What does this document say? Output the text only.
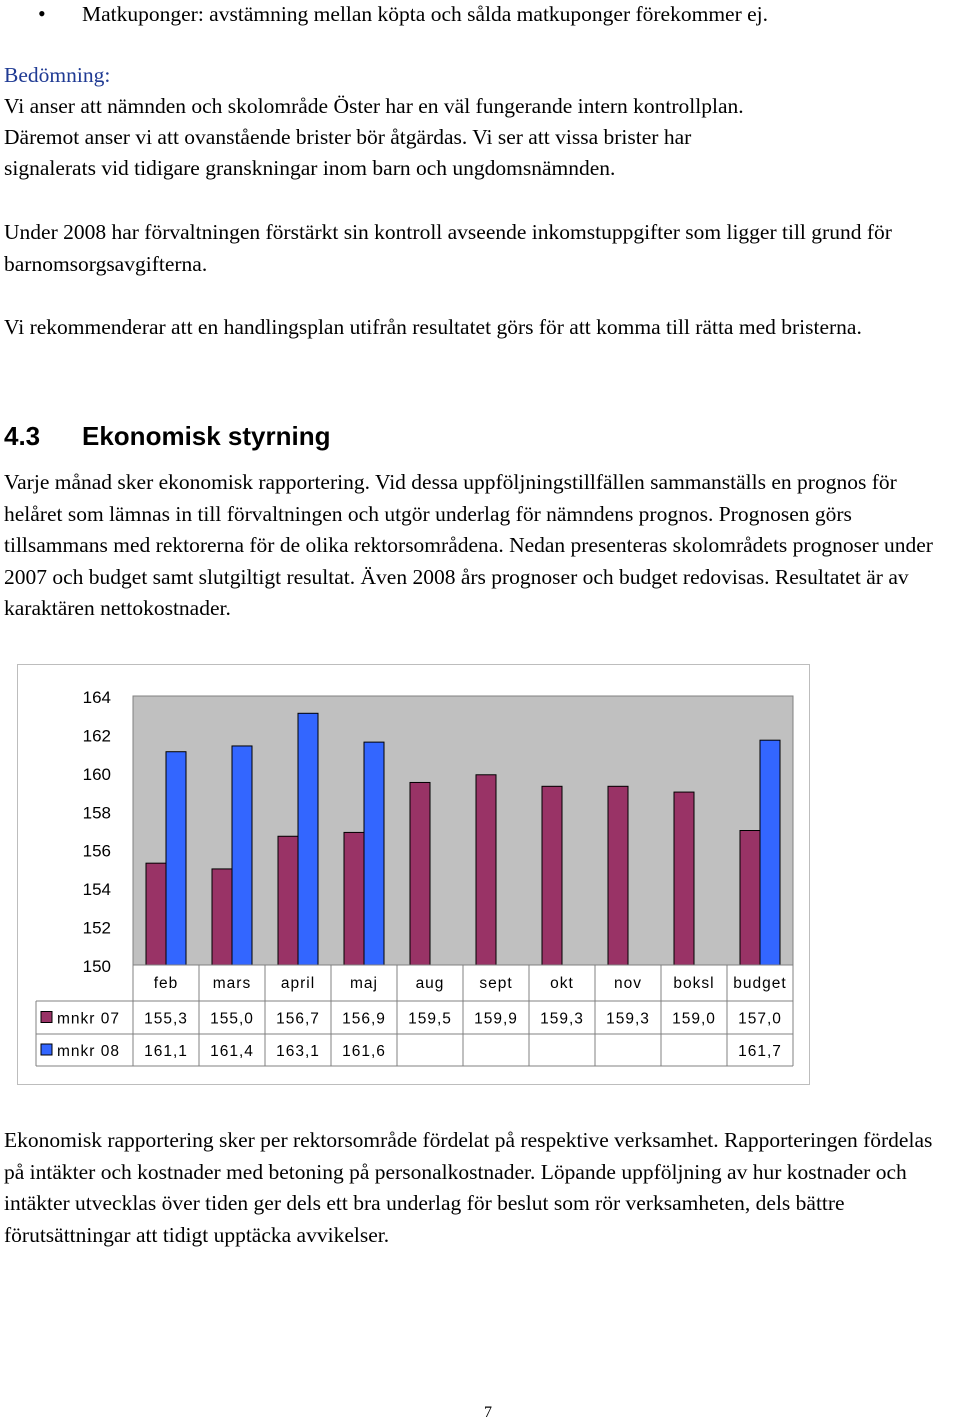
• Matkuponger: avstämning mellan köpta och sålda matkuponger förekommer ej.

Bedömning:

Vi anser att nämnden och skolområde Öster har en väl fungerande intern kontrollplan.

Däremot anser vi att ovanstående brister bör åtgärdas. Vi ser att vissa brister har

signalerats vid tidigare granskningar inom barn och ungdomsnämnden.

Under 2008 har förvaltningen förstärkt sin kontroll avseende inkomstuppgifter som ligger till grund för barnomsorgsavgifterna.

Vi rekommenderar att en handlingsplan utifrån resultatet görs för att komma till rätta med bristerna.

4.3 Ekonomisk styrning

Varje månad sker ekonomisk rapportering. Vid dessa uppföljningstillfällen sammanställs en prognos för helåret som lämnas in till förvaltningen och utgör underlag för nämndens prognos. Prognosen görs tillsammans med rektorerna för de olika rektorsområdena. Nedan presenteras skolområdets prognoser under 2007 och budget samt slutgiltigt resultat. Även 2008 års prognoser och budget redovisas. Resultatet är av karaktären nettokostnader.

150
152
154
156
158
160
162
164
feb mars april maj aug sept okt	nov boksl budget
mnkr 07 155,3 155,0 156,7 156,9 159,5 159,9 159,3 159,3 159,0 157,0
mnkr 08 161,1 161,4 163,1 161,6	161,7

Ekonomisk rapportering sker per rektorsområde fördelat på respektive verksamhet. Rapporteringen fördelas på intäkter och kostnader med betoning på personalkostnader. Löpande uppföljning av hur kostnader och intäkter utvecklas över tiden ger dels ett bra underlag för beslut som rör verksamheten, dels bättre förutsättningar att tidigt upptäcka avvikelser.

7
